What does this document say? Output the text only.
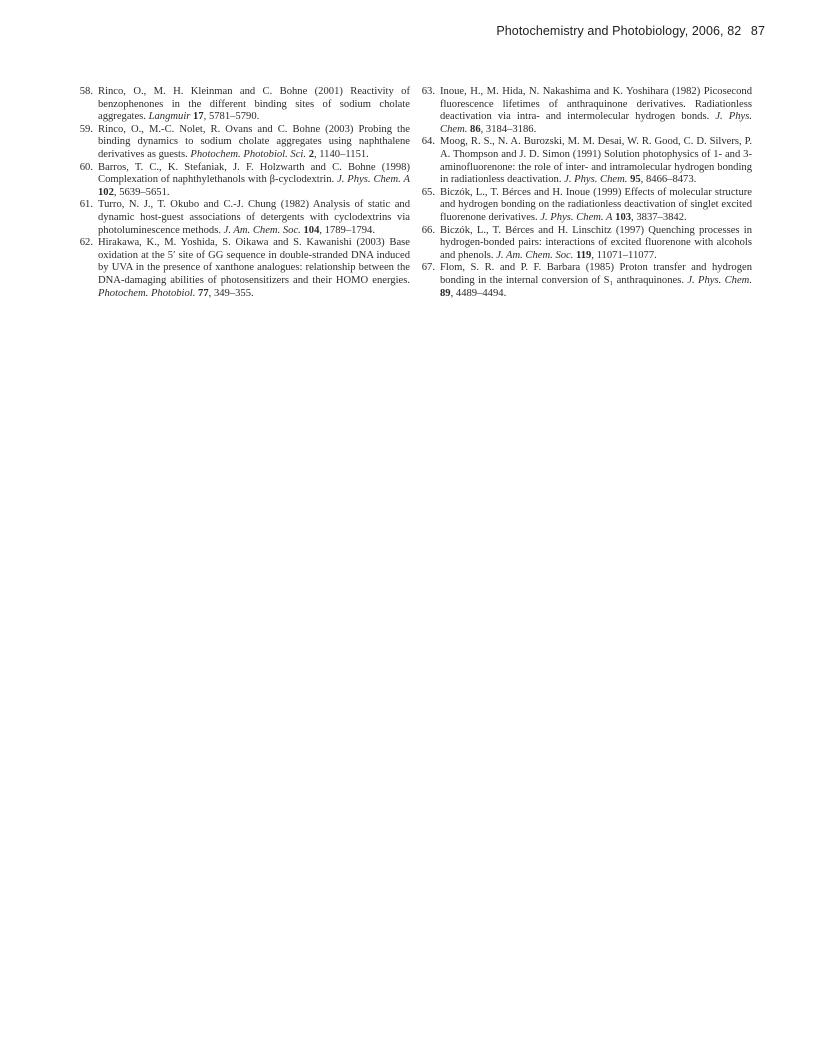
Photochemistry and Photobiology, 2006, 82 87
58. Rinco, O., M. H. Kleinman and C. Bohne (2001) Reactivity of benzophenones in the different binding sites of sodium cholate aggregates. Langmuir 17, 5781–5790.
59. Rinco, O., M.-C. Nolet, R. Ovans and C. Bohne (2003) Probing the binding dynamics to sodium cholate aggregates using naphthalene derivatives as guests. Photochem. Photobiol. Sci. 2, 1140–1151.
60. Barros, T. C., K. Stefaniak, J. F. Holzwarth and C. Bohne (1998) Complexation of naphthylethanols with β-cyclodextrin. J. Phys. Chem. A 102, 5639–5651.
61. Turro, N. J., T. Okubo and C.-J. Chung (1982) Analysis of static and dynamic host-guest associations of detergents with cyclodextrins via photoluminescence methods. J. Am. Chem. Soc. 104, 1789–1794.
62. Hirakawa, K., M. Yoshida, S. Oikawa and S. Kawanishi (2003) Base oxidation at the 5′ site of GG sequence in double-stranded DNA induced by UVA in the presence of xanthone analogues: relationship between the DNA-damaging abilities of photosensitizers and their HOMO energies. Photochem. Photobiol. 77, 349–355.
63. Inoue, H., M. Hida, N. Nakashima and K. Yoshihara (1982) Picosecond fluorescence lifetimes of anthraquinone derivatives. Radiationless deactivation via intra- and intermolecular hydrogen bonds. J. Phys. Chem. 86, 3184–3186.
64. Moog, R. S., N. A. Burozski, M. M. Desai, W. R. Good, C. D. Silvers, P. A. Thompson and J. D. Simon (1991) Solution photophysics of 1- and 3-aminofluorenone: the role of inter- and intramolecular hydrogen bonding in radiationless deactivation. J. Phys. Chem. 95, 8466–8473.
65. Biczók, L., T. Bérces and H. Inoue (1999) Effects of molecular structure and hydrogen bonding on the radiationless deactivation of singlet excited fluorenone derivatives. J. Phys. Chem. A 103, 3837–3842.
66. Biczók, L., T. Bérces and H. Linschitz (1997) Quenching processes in hydrogen-bonded pairs: interactions of excited fluorenone with alcohols and phenols. J. Am. Chem. Soc. 119, 11071–11077.
67. Flom, S. R. and P. F. Barbara (1985) Proton transfer and hydrogen bonding in the internal conversion of S₁ anthraquinones. J. Phys. Chem. 89, 4489–4494.
